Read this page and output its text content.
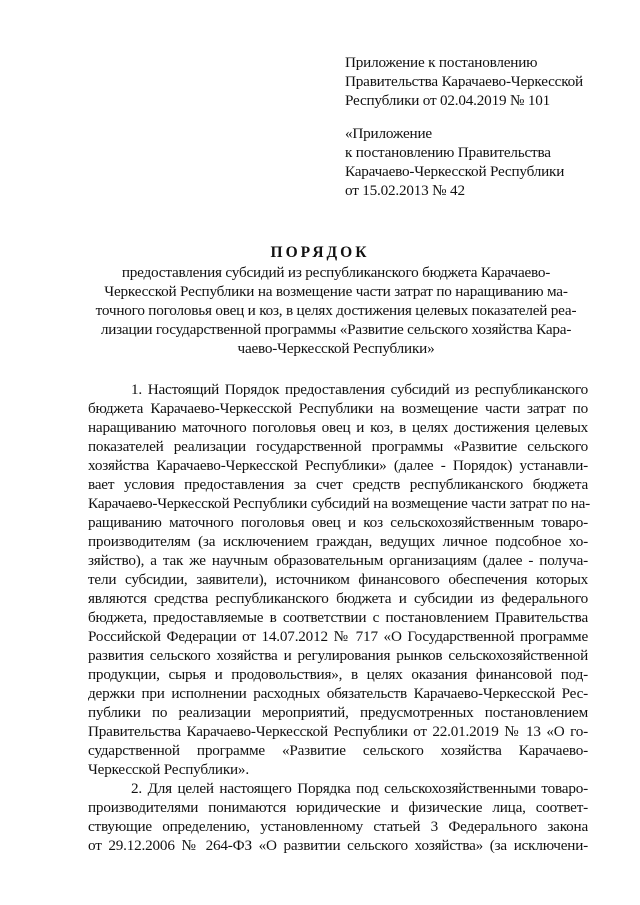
Приложение к постановлению
Правительства Карачаево-Черкесской
Республики от 02.04.2019 № 101
«Приложение
к постановлению Правительства
Карачаево-Черкесской Республики
от 15.02.2013 № 42
ПОРЯДОК
предоставления субсидий из республиканского бюджета Карачаево-
Черкесской Республики на возмещение части затрат по наращиванию ма-
точного поголовья овец и коз, в целях достижения целевых показателей реа-
лизации государственной программы «Развитие сельского хозяйства Кара-
чаево-Черкесской Республики»
1. Настоящий Порядок предоставления субсидий из республиканского
бюджета Карачаево-Черкесской Республики на возмещение части затрат по
наращиванию маточного поголовья овец и коз, в целях достижения целевых
показателей реализации государственной программы «Развитие сельского
хозяйства Карачаево-Черкесской Республики» (далее - Порядок) устанавли-
вает условия предоставления за счет средств республиканского бюджета
Карачаево-Черкесской Республики субсидий на возмещение части затрат по на-
ращиванию маточного поголовья овец и коз сельскохозяйственным товаро-
производителям (за исключением граждан, ведущих личное подсобное хо-
зяйство), а так же научным образовательным организациям (далее - получа-
тели субсидии, заявители), источником финансового обеспечения которых
являются средства республиканского бюджета и субсидии из федерального
бюджета, предоставляемые в соответствии с постановлением Правительства
Российской Федерации от 14.07.2012 № 717 «О Государственной программе
развития сельского хозяйства и регулирования рынков сельскохозяйственной
продукции, сырья и продовольствия», в целях оказания финансовой под-
держки при исполнении расходных обязательств Карачаево-Черкесской Рес-
публики по реализации мероприятий, предусмотренных постановлением
Правительства Карачаево-Черкесской Республики от 22.01.2019 № 13 «О го-
сударственной программе «Развитие сельского хозяйства Карачаево-
Черкесской Республики».
2. Для целей настоящего Порядка под сельскохозяйственными товаро-
производителями понимаются юридические и физические лица, соответ-
ствующие определению, установленному статьей 3 Федерального закона
от 29.12.2006 № 264-ФЗ «О развитии сельского хозяйства» (за исключени-
